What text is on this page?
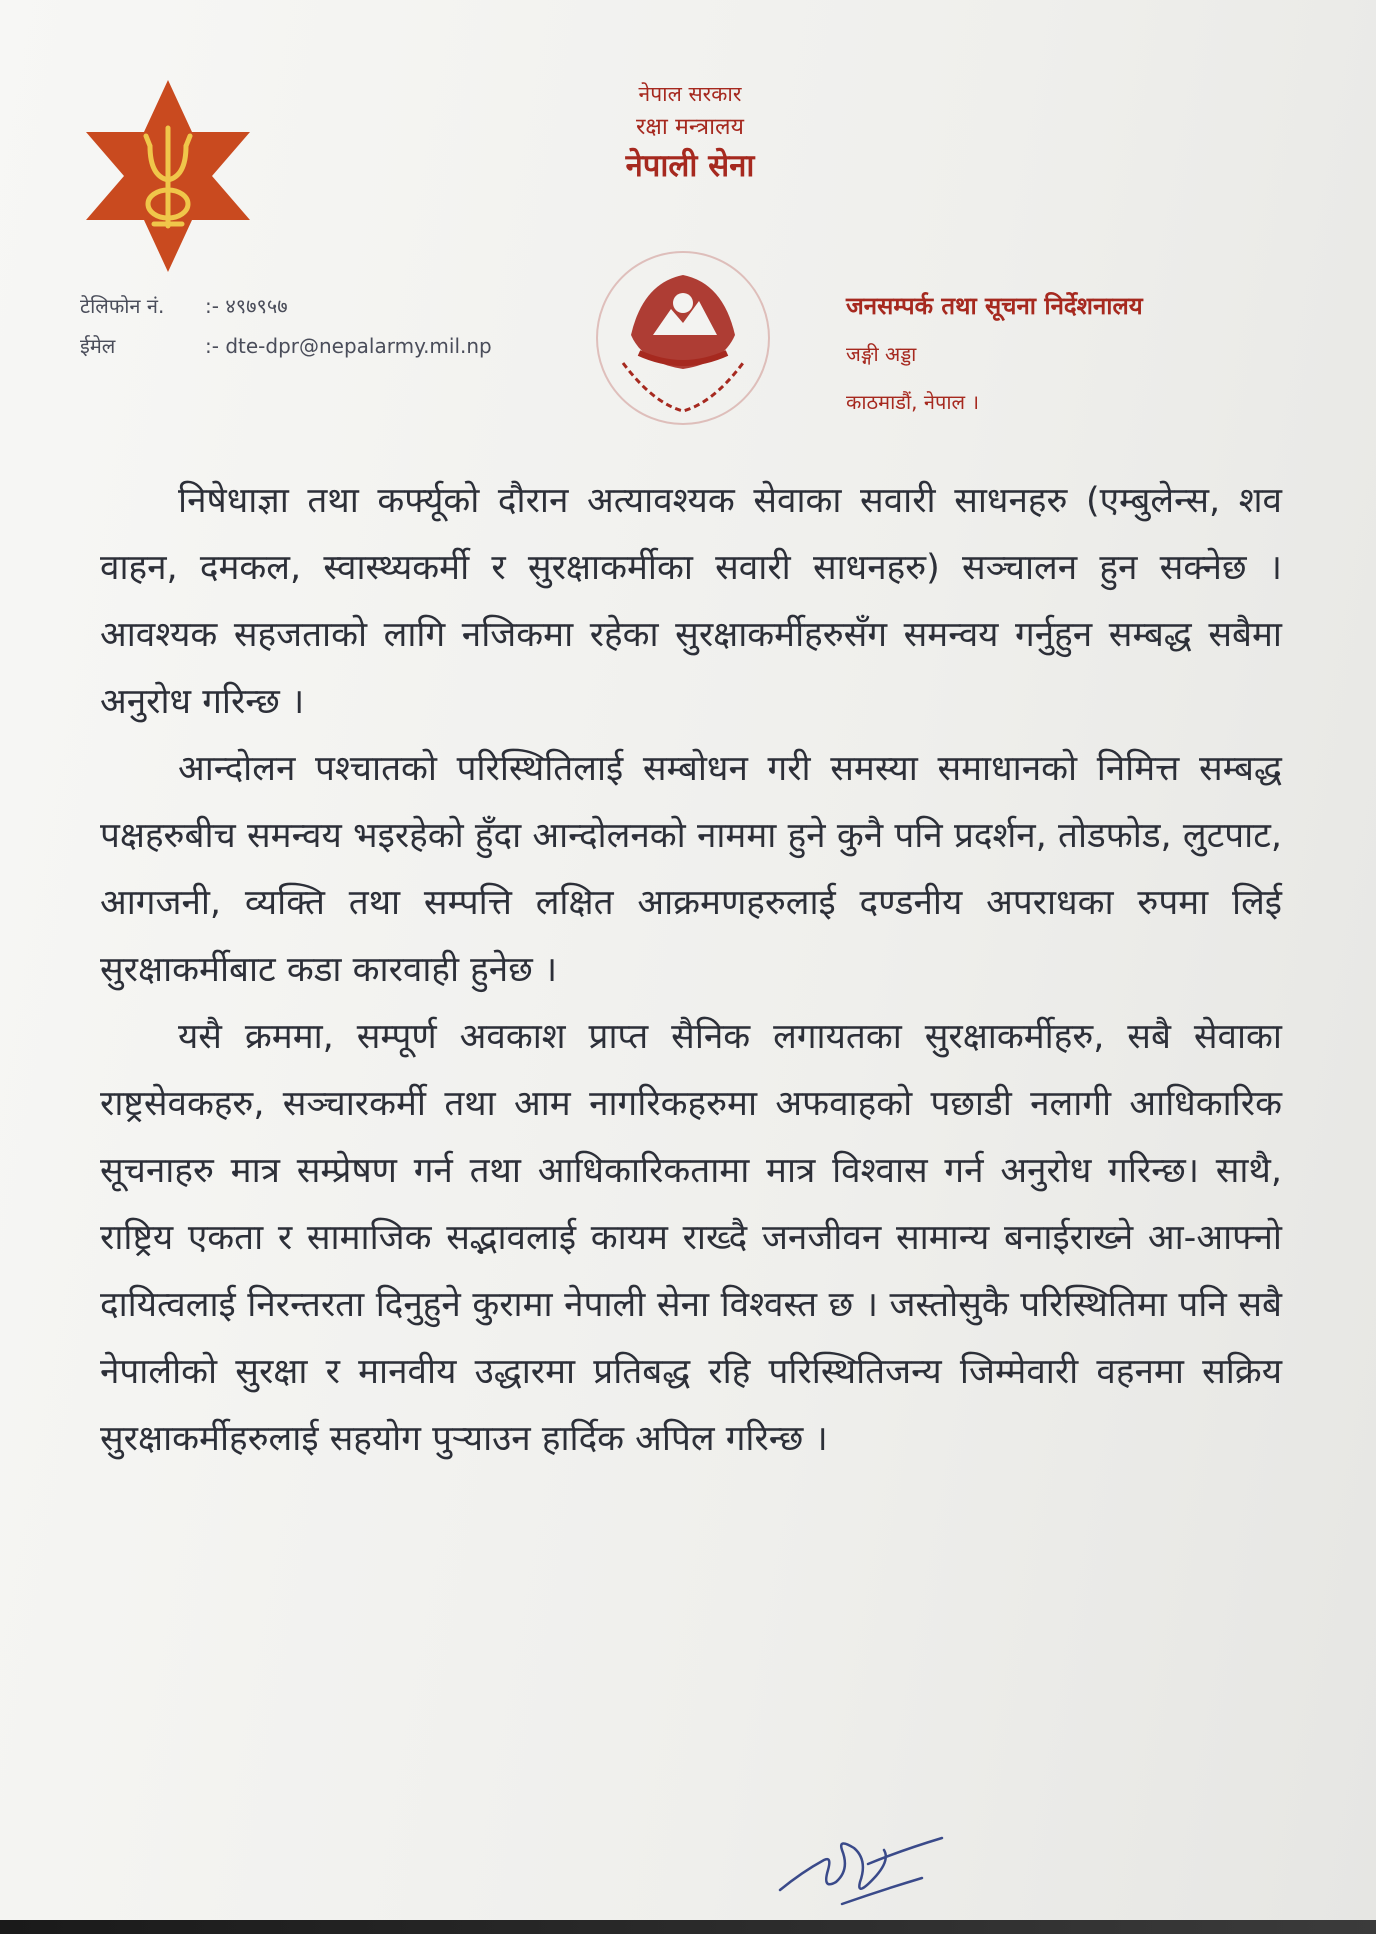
नेपाल सरकार
रक्षा मन्त्रालय
नेपाली सेना
टेलिफोन नं. :- ४९७९५७
ईमेल	:- dte-dpr@nepalarmy.mil.np
जनसम्पर्क तथा सूचना निर्देशनालय
जङ्गी अड्डा
काठमाडौं, नेपाल ।

निषेधाज्ञा तथा कर्फ्यूको दौरान अत्यावश्यक सेवाका सवारी साधनहरु (एम्बुलेन्स, शव वाहन, दमकल, स्वास्थ्यकर्मी र सुरक्षाकर्मीका सवारी साधनहरु) सञ्चालन हुन सक्नेछ । आवश्यक सहजताको लागि नजिकमा रहेका सुरक्षाकर्मीहरुसँग समन्वय गर्नुहुन सम्बद्ध सबैमा अनुरोध गरिन्छ ।

आन्दोलन पश्चातको परिस्थितिलाई सम्बोधन गरी समस्या समाधानको निमित्त सम्बद्ध पक्षहरुबीच समन्वय भइरहेको हुँदा आन्दोलनको नाममा हुने कुनै पनि प्रदर्शन, तोडफोड, लुटपाट, आगजनी, व्यक्ति तथा सम्पत्ति लक्षित आक्रमणहरुलाई दण्डनीय अपराधका रुपमा लिई सुरक्षाकर्मीबाट कडा कारवाही हुनेछ ।

यसै क्रममा, सम्पूर्ण अवकाश प्राप्त सैनिक लगायतका सुरक्षाकर्मीहरु, सबै सेवाका राष्ट्रसेवकहरु, सञ्चारकर्मी तथा आम नागरिकहरुमा अफवाहको पछाडी नलागी आधिकारिक सूचनाहरु मात्र सम्प्रेषण गर्न तथा आधिकारिकतामा मात्र विश्वास गर्न अनुरोध गरिन्छ। साथै, राष्ट्रिय एकता र सामाजिक सद्भावलाई कायम राख्दै जनजीवन सामान्य बनाईराख्ने आ-आफ्नो दायित्वलाई निरन्तरता दिनुहुने कुरामा नेपाली सेना विश्वस्त छ । जस्तोसुकै परिस्थितिमा पनि सबै नेपालीको सुरक्षा र मानवीय उद्धारमा प्रतिबद्ध रहि परिस्थितिजन्य जिम्मेवारी वहनमा सक्रिय सुरक्षाकर्मीहरुलाई सहयोग पुर्‍याउन हार्दिक अपिल गरिन्छ ।
